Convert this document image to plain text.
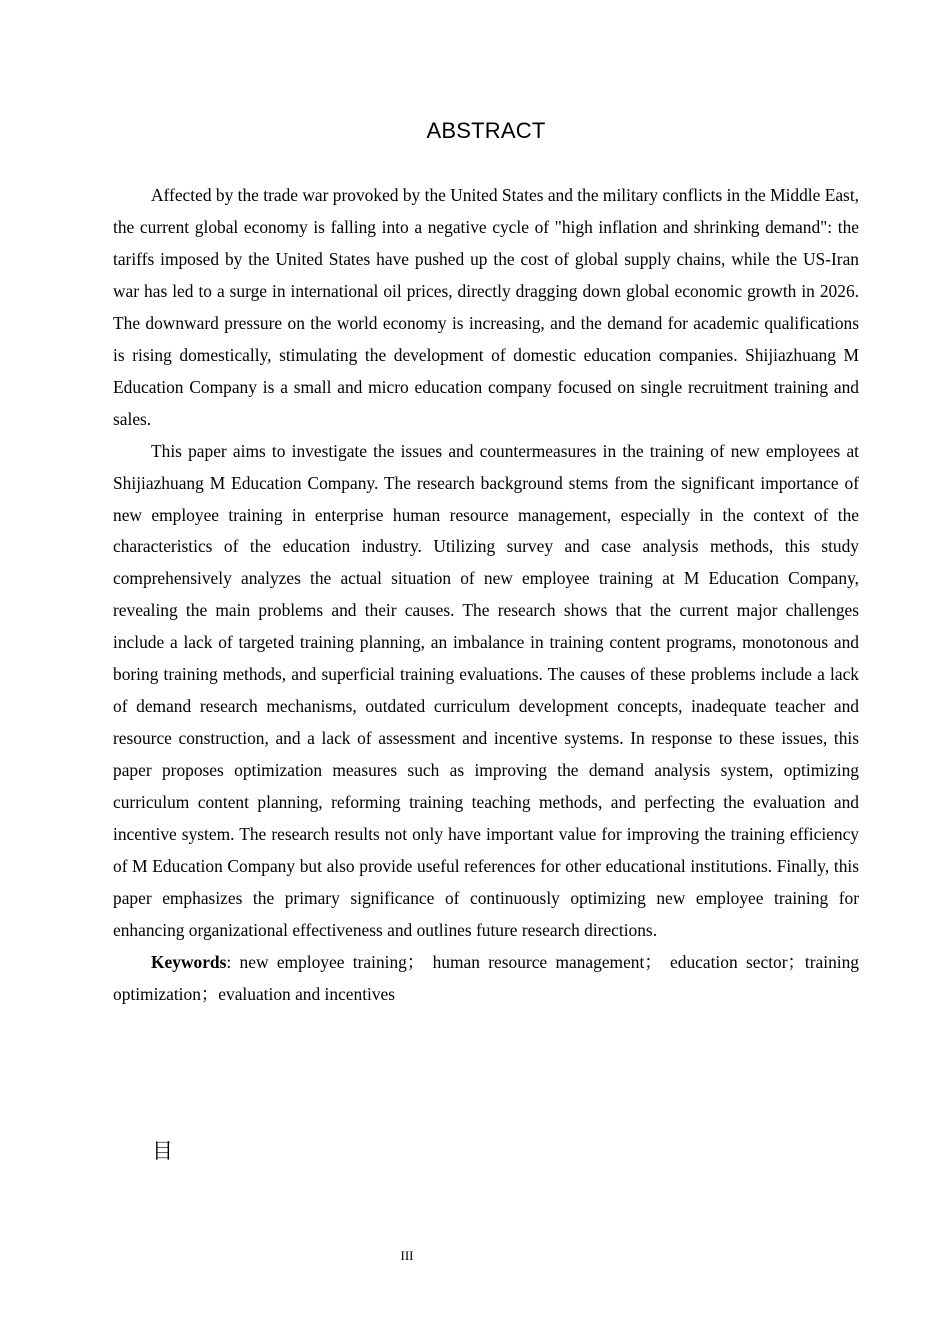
ABSTRACT

Affected by the trade war provoked by the United States and the military conflicts in the Middle East, the current global economy is falling into a negative cycle of "high inflation and shrinking demand": the tariffs imposed by the United States have pushed up the cost of global supply chains, while the US-Iran war has led to a surge in international oil prices, directly dragging down global economic growth in 2026. The downward pressure on the world economy is increasing, and the demand for academic qualifications is rising domestically, stimulating the development of domestic education companies. Shijiazhuang M Education Company is a small and micro education company focused on single recruitment training and sales.

This paper aims to investigate the issues and countermeasures in the training of new employees at Shijiazhuang M Education Company. The research background stems from the significant importance of new employee training in enterprise human resource management, especially in the context of the characteristics of the education industry. Utilizing survey and case analysis methods, this study comprehensively analyzes the actual situation of new employee training at M Education Company, revealing the main problems and their causes. The research shows that the current major challenges include a lack of targeted training planning, an imbalance in training content programs, monotonous and boring training methods, and superficial training evaluations. The causes of these problems include a lack of demand research mechanisms, outdated curriculum development concepts, inadequate teacher and resource construction, and a lack of assessment and incentive systems. In response to these issues, this paper proposes optimization measures such as improving the demand analysis system, optimizing curriculum content planning, reforming training teaching methods, and perfecting the evaluation and incentive system. The research results not only have important value for improving the training efficiency of M Education Company but also provide useful references for other educational institutions. Finally, this paper emphasizes the primary significance of continuously optimizing new employee training for enhancing organizational effectiveness and outlines future research directions.

Keywords: new employee training； human resource management； education sector；training optimization；evaluation and incentives

目
III
